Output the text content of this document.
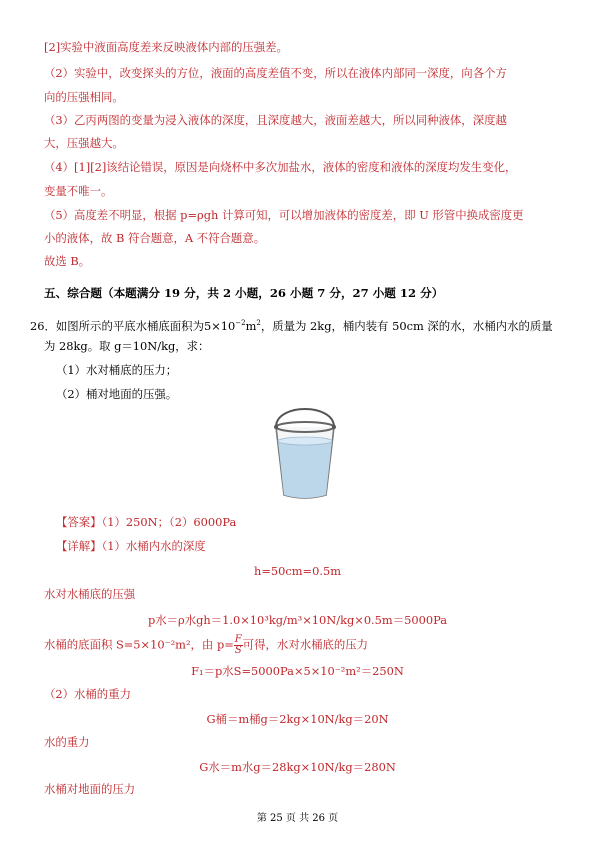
[2]实验中液面高度差来反映液体内部的压强差。
（2）实验中，改变探头的方位，液面的高度差值不变，所以在液体内部同一深度，向各个方
向的压强相同。
（3）乙丙两图的变量为浸入液体的深度，且深度越大，液面差越大，所以同种液体，深度越
大，压强越大。
（4）[1][2]该结论错误，原因是向烧杯中多次加盐水，液体的密度和液体的深度均发生变化，
变量不唯一。
（5）高度差不明显，根据 p=ρgh 计算可知，可以增加液体的密度差，即 U 形管中换成密度更
小的液体，故 B 符合题意，A 不符合题意。
故选 B。
五、综合题（本题满分 19 分，共 2 小题，26 小题 7 分，27 小题 12 分）
26．如图所示的平底水桶底面积为$5\times 10^{-2}m^2$，质量为 2kg，桶内装有 50cm 深的水，水桶内水的质量
为 28kg。取 g＝10N/kg，求：
（1）水对桶底的压力；
（2）桶对地面的压强。
【答案】（1）250N；（2）6000Pa
【详解】（1）水桶内水的深度
h=50cm=0.5m
水对水桶底的压强
p水＝ρ水gh＝1.0×10³kg/m³×10N/kg×0.5m＝5000Pa
水桶的底面积 S=5×10⁻²m²，由 $p= \frac{F}{S}$ 可得，水对水桶底的压力
F₁＝p水S=5000Pa×5×10⁻²m²＝250N
（2）水桶的重力
G桶＝m桶g＝2kg×10N/kg＝20N
水的重力
G水＝m水g＝28kg×10N/kg＝280N
水桶对地面的压力
第 25 页 共 26 页
